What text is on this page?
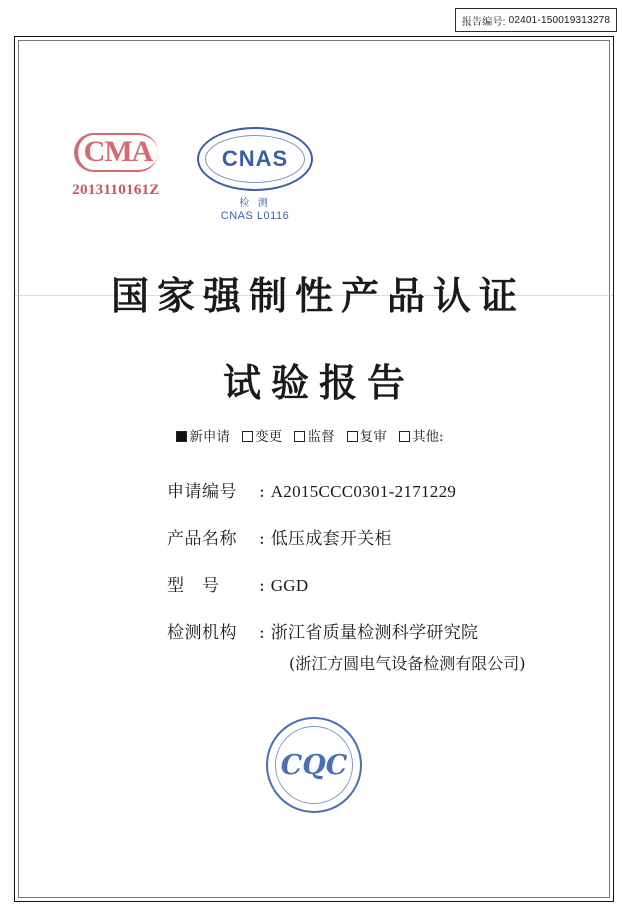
报告编号: 02401-150019313278
CMA
2013110161Z
CNAS
检 测
CNAS L0116
国家强制性产品认证
试验报告
新申请 变更 监督 复审 其他:
申请编号	: A2015CCC0301-2171229
产品名称	: 低压成套开关柜
型　号	: GGD
检测机构	: 浙江省质量检测科学研究院
(浙江方圆电气设备检测有限公司)
CQC
